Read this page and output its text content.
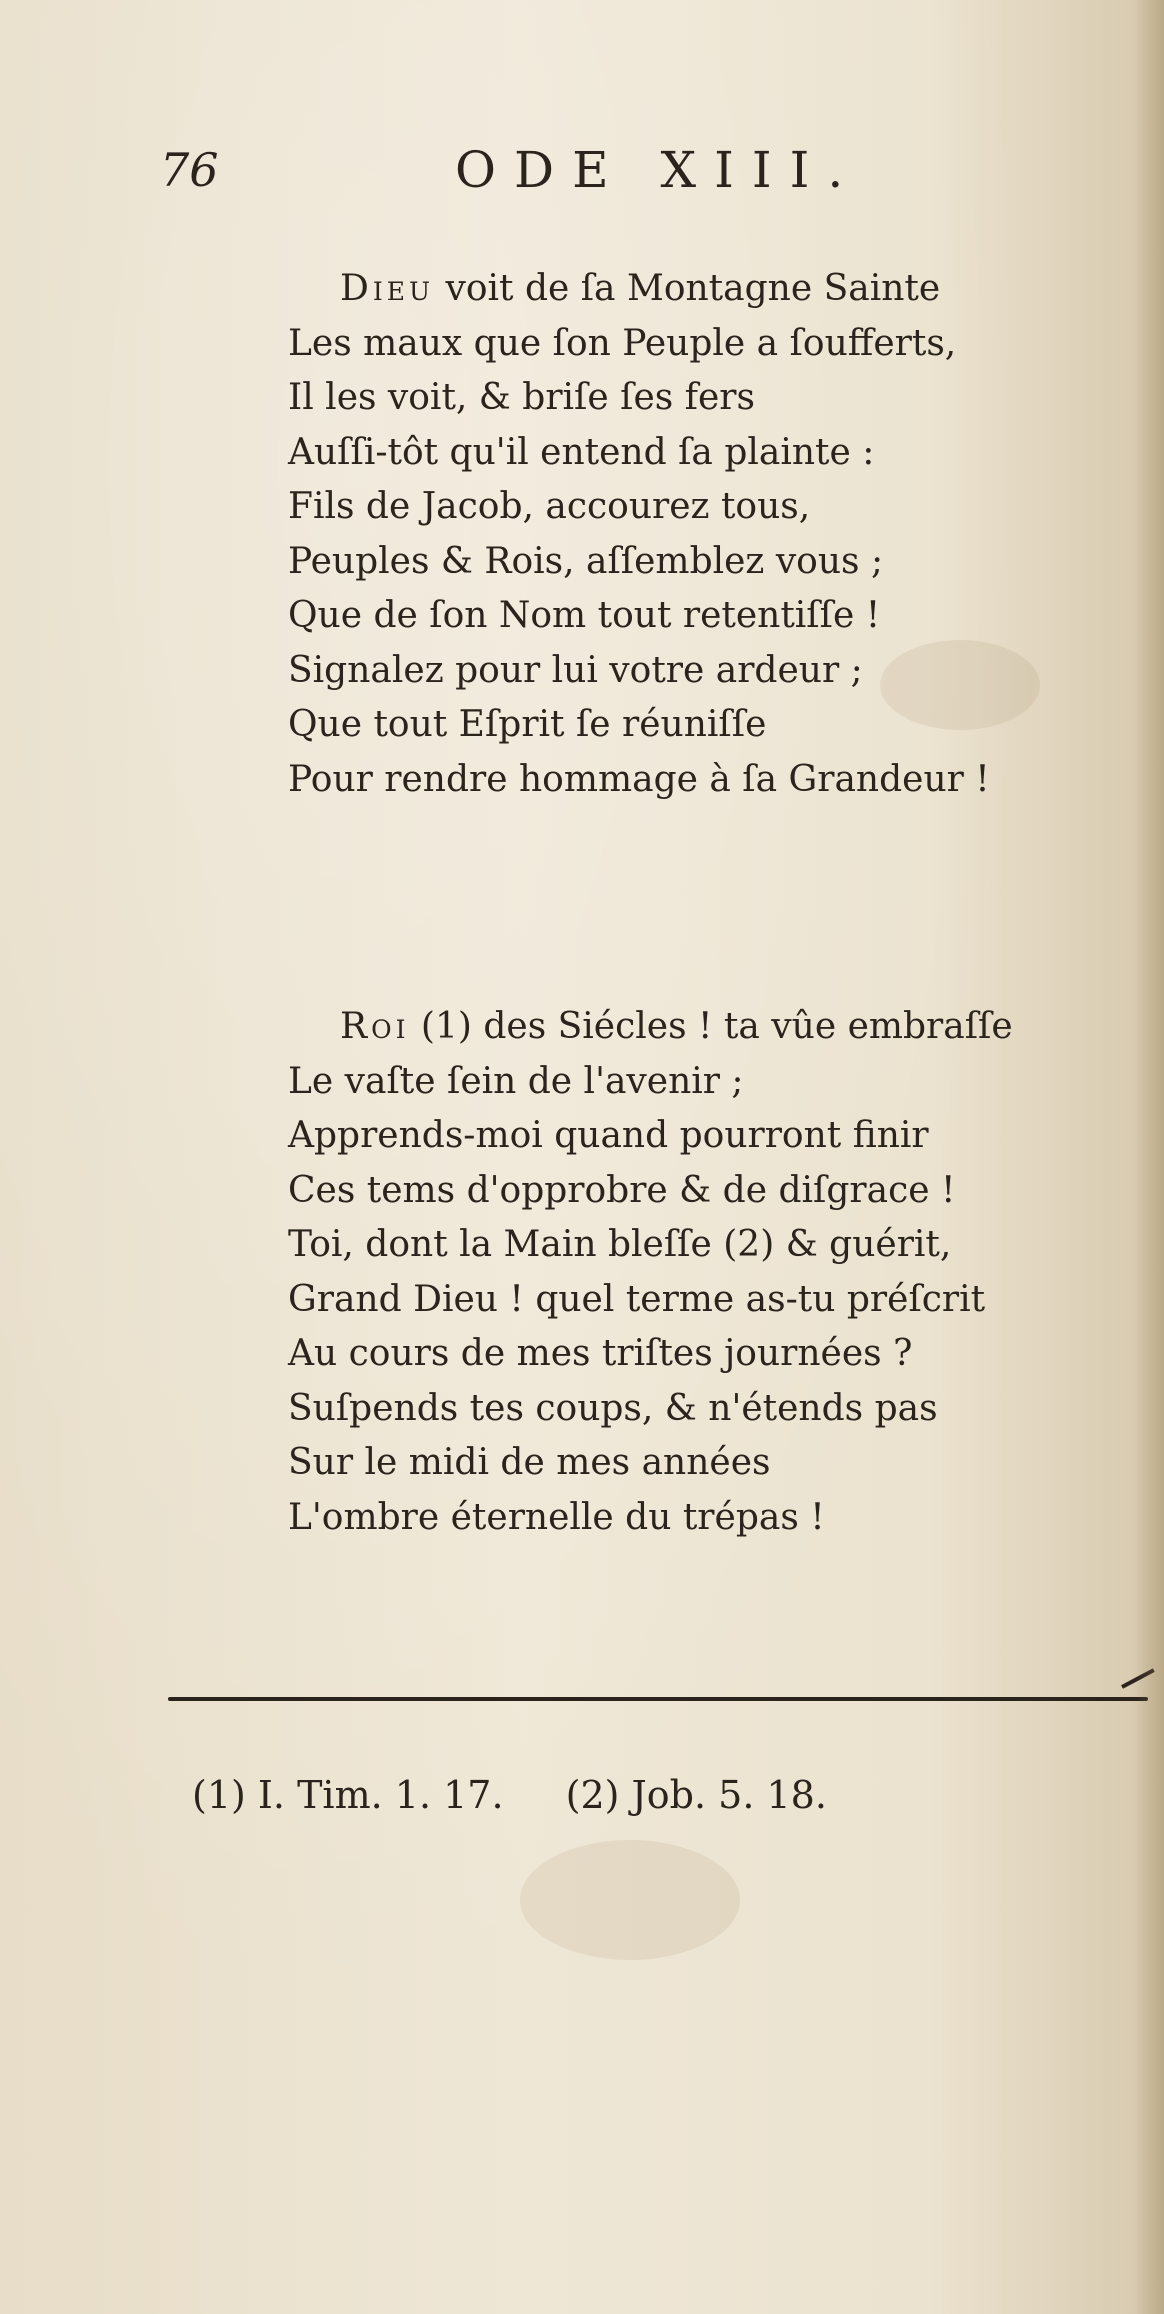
76	ODE XIII.
Dieu voit de ſa Montagne Sainte
Les maux que ſon Peuple a ſoufferts,
Il les voit, & briſe ſes fers
Auſſi-tôt qu'il entend ſa plainte :
Fils de Jacob, accourez tous,
Peuples & Rois, aſſemblez vous ;
Que de ſon Nom tout retentiſſe !
Signalez pour lui votre ardeur ;
Que tout Eſprit ſe réuniſſe
Pour rendre hommage à ſa Grandeur !
Roi (1) des Siécles ! ta vûe embraſſe
Le vaſte ſein de l'avenir ;
Apprends-moi quand pourront finir
Ces tems d'opprobre & de diſgrace !
Toi, dont la Main bleſſe (2) & guérit,
Grand Dieu ! quel terme as-tu préſcrit
Au cours de mes triſtes journées ?
Suſpends tes coups, & n'étends pas
Sur le midi de mes années
L'ombre éternelle du trépas !
(1) I. Tim. 1. 17. (2) Job. 5. 18.
